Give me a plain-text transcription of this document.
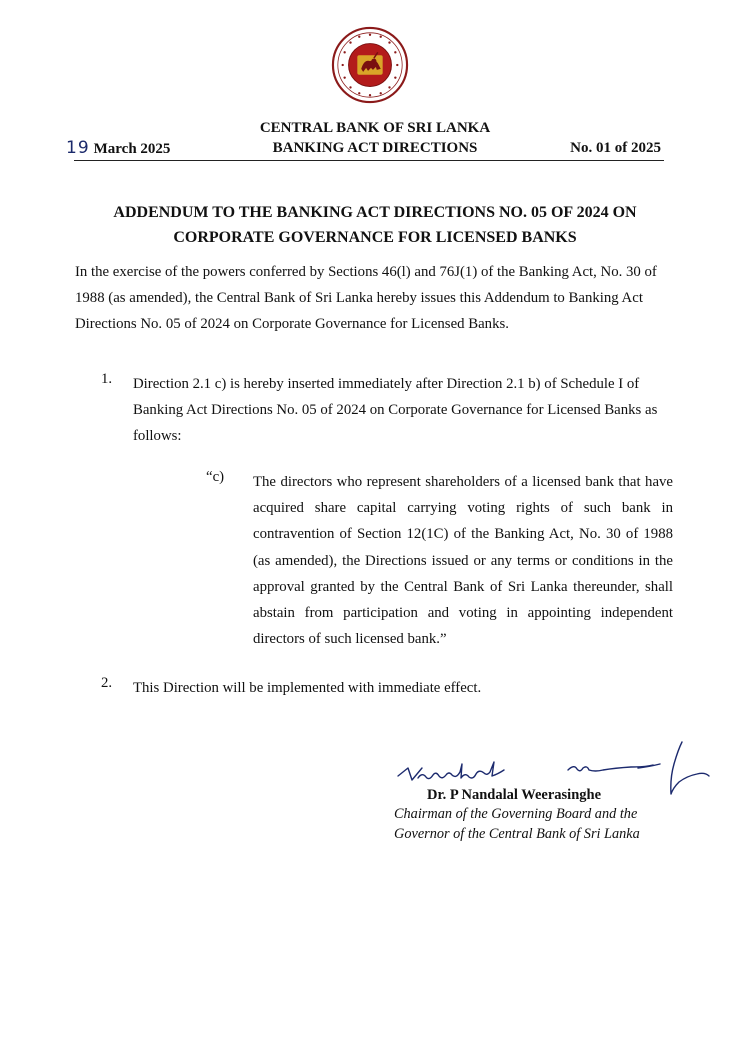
CENTRAL BANK OF SRI LANKA
19 March 2025	BANKING ACT DIRECTIONS	No. 01 of 2025
ADDENDUM TO THE BANKING ACT DIRECTIONS NO. 05 OF 2024 ON
CORPORATE GOVERNANCE FOR LICENSED BANKS
In the exercise of the powers conferred by Sections 46(l) and 76J(1) of the Banking Act, No. 30 of 1988 (as amended), the Central Bank of Sri Lanka hereby issues this Addendum to Banking Act Directions No. 05 of 2024 on Corporate Governance for Licensed Banks.
1. Direction 2.1 c) is hereby inserted immediately after Direction 2.1 b) of Schedule I of Banking Act Directions No. 05 of 2024 on Corporate Governance for Licensed Banks as follows:
“c) The directors who represent shareholders of a licensed bank that have acquired share capital carrying voting rights of such bank in contravention of Section 12(1C) of the Banking Act, No. 30 of 1988 (as amended), the Directions issued or any terms or conditions in the approval granted by the Central Bank of Sri Lanka thereunder, shall abstain from participation and voting in appointing independent directors of such licensed bank.”
2. This Direction will be implemented with immediate effect.
Dr. P Nandalal Weerasinghe
Chairman of the Governing Board and the
Governor of the Central Bank of Sri Lanka
